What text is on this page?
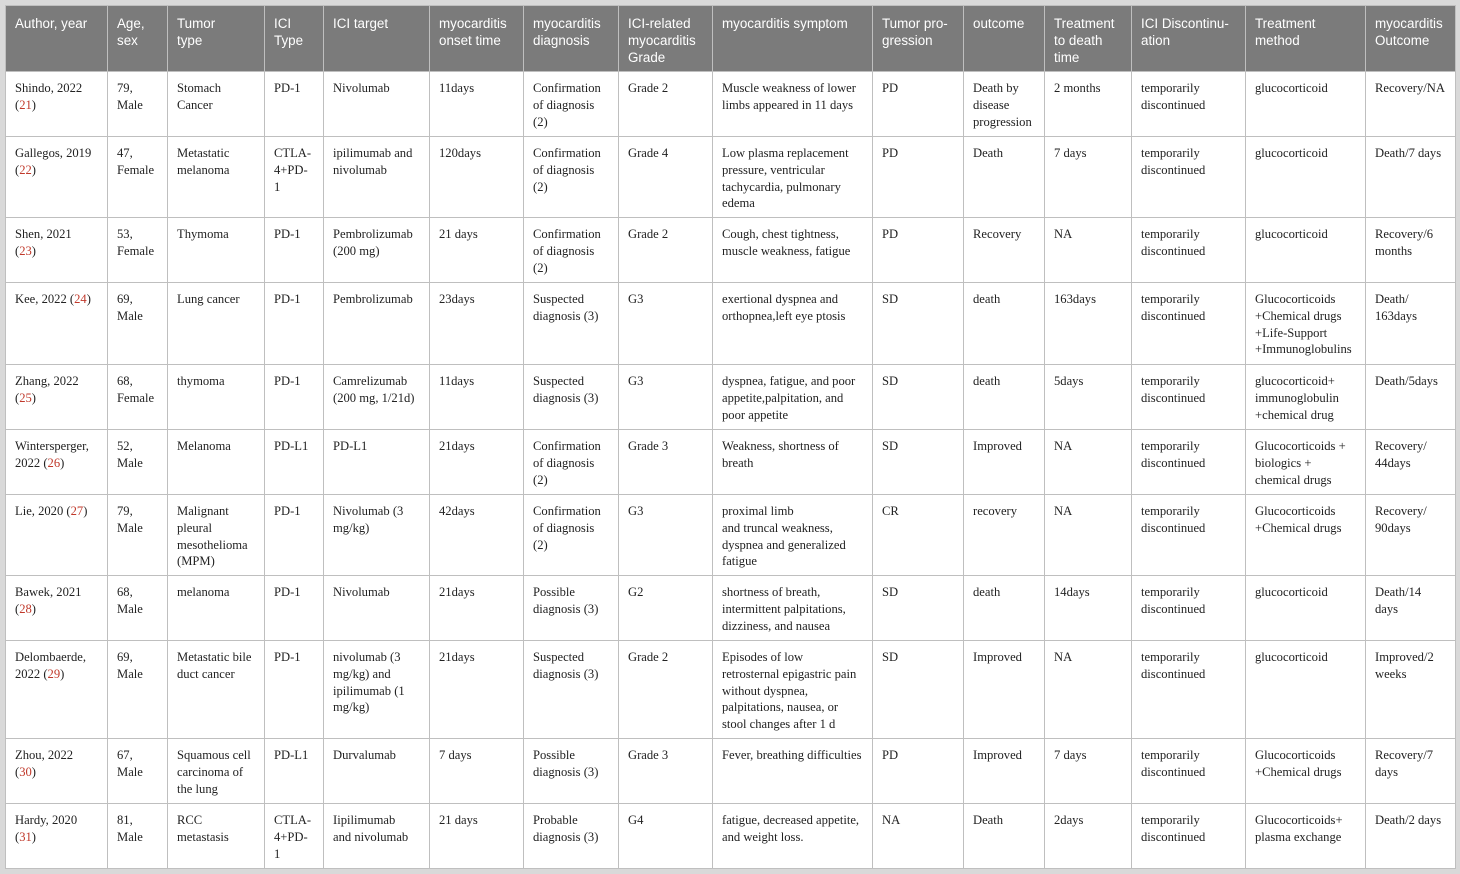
Author, year	Age,
sex	Tumor
type	ICI
Type	ICI target	myocarditis
onset time	myocarditis
diagnosis	ICI-related
myocarditis
Grade	myocarditis symptom	Tumor pro-
gression	outcome	Treatment
to death
time	ICI Discontinu-
ation	Treatment
method	myocarditis
Outcome

Shindo, 2022
(21)	79,
Male	Stomach
Cancer	PD-1	Nivolumab	11days	Confirmation
of diagnosis
(2)	Grade 2	Muscle weakness of lower
limbs appeared in 11 days	PD	Death by
disease
progression	2 months	temporarily
discontinued	glucocorticoid	Recovery/NA

Gallegos, 2019
(22)	47,
Female	Metastatic
melanoma	CTLA-
4+PD-
1	ipilimumab and
nivolumab	120days	Confirmation
of diagnosis
(2)	Grade 4	Low plasma replacement
pressure, ventricular
tachycardia, pulmonary
edema	PD	Death	7 days	temporarily
discontinued	glucocorticoid	Death/7 days

Shen, 2021
(23)	53,
Female	Thymoma	PD-1	Pembrolizumab
(200 mg)	21 days	Confirmation
of diagnosis
(2)	Grade 2	Cough, chest tightness,
muscle weakness, fatigue	PD	Recovery	NA	temporarily
discontinued	glucocorticoid	Recovery/6
months

Kee, 2022 (24)	69,
Male	Lung cancer	PD-1	Pembrolizumab	23days	Suspected
diagnosis (3)	G3	exertional dyspnea and
orthopnea,left eye ptosis	SD	death	163days	temporarily
discontinued	Glucocorticoids
+Chemical drugs
+Life-Support
+Immunoglobulins	Death/
163days

Zhang, 2022
(25)	68,
Female	thymoma	PD-1	Camrelizumab
(200 mg, 1/21d)	11days	Suspected
diagnosis (3)	G3	dyspnea, fatigue, and poor
appetite,palpitation, and
poor appetite	SD	death	5days	temporarily
discontinued	glucocorticoid+
immunoglobulin
+chemical drug	Death/5days

Wintersperger,
2022 (26)	52,
Male	Melanoma	PD-L1	PD-L1	21days	Confirmation
of diagnosis
(2)	Grade 3	Weakness, shortness of
breath	SD	Improved	NA	temporarily
discontinued	Glucocorticoids +
biologics +
chemical drugs	Recovery/
44days

Lie, 2020 (27)	79,
Male	Malignant
pleural
mesothelioma
(MPM)	PD-1	Nivolumab (3
mg/kg)	42days	Confirmation
of diagnosis
(2)	G3	proximal limb
and truncal weakness,
dyspnea and generalized
fatigue	CR	recovery	NA	temporarily
discontinued	Glucocorticoids
+Chemical drugs	Recovery/
90days

Bawek, 2021
(28)	68,
Male	melanoma	PD-1	Nivolumab	21days	Possible
diagnosis (3)	G2	shortness of breath,
intermittent palpitations,
dizziness, and nausea	SD	death	14days	temporarily
discontinued	glucocorticoid	Death/14
days

Delombaerde,
2022 (29)	69,
Male	Metastatic bile
duct cancer	PD-1	nivolumab (3
mg/kg) and
ipilimumab (1
mg/kg)	21days	Suspected
diagnosis (3)	Grade 2	Episodes of low
retrosternal epigastric pain
without dyspnea,
palpitations, nausea, or
stool changes after 1 d	SD	Improved	NA	temporarily
discontinued	glucocorticoid	Improved/2
weeks

Zhou, 2022
(30)	67,
Male	Squamous cell
carcinoma of
the lung	PD-L1	Durvalumab	7 days	Possible
diagnosis (3)	Grade 3	Fever, breathing difficulties	PD	Improved	7 days	temporarily
discontinued	Glucocorticoids
+Chemical drugs	Recovery/7
days

Hardy, 2020
(31)	81,
Male	RCC
metastasis	CTLA-
4+PD-
1	Iipilimumab
and nivolumab	21 days	Probable
diagnosis (3)	G4	fatigue, decreased appetite,
and weight loss.	NA	Death	2days	temporarily
discontinued	Glucocorticoids+
plasma exchange	Death/2 days
